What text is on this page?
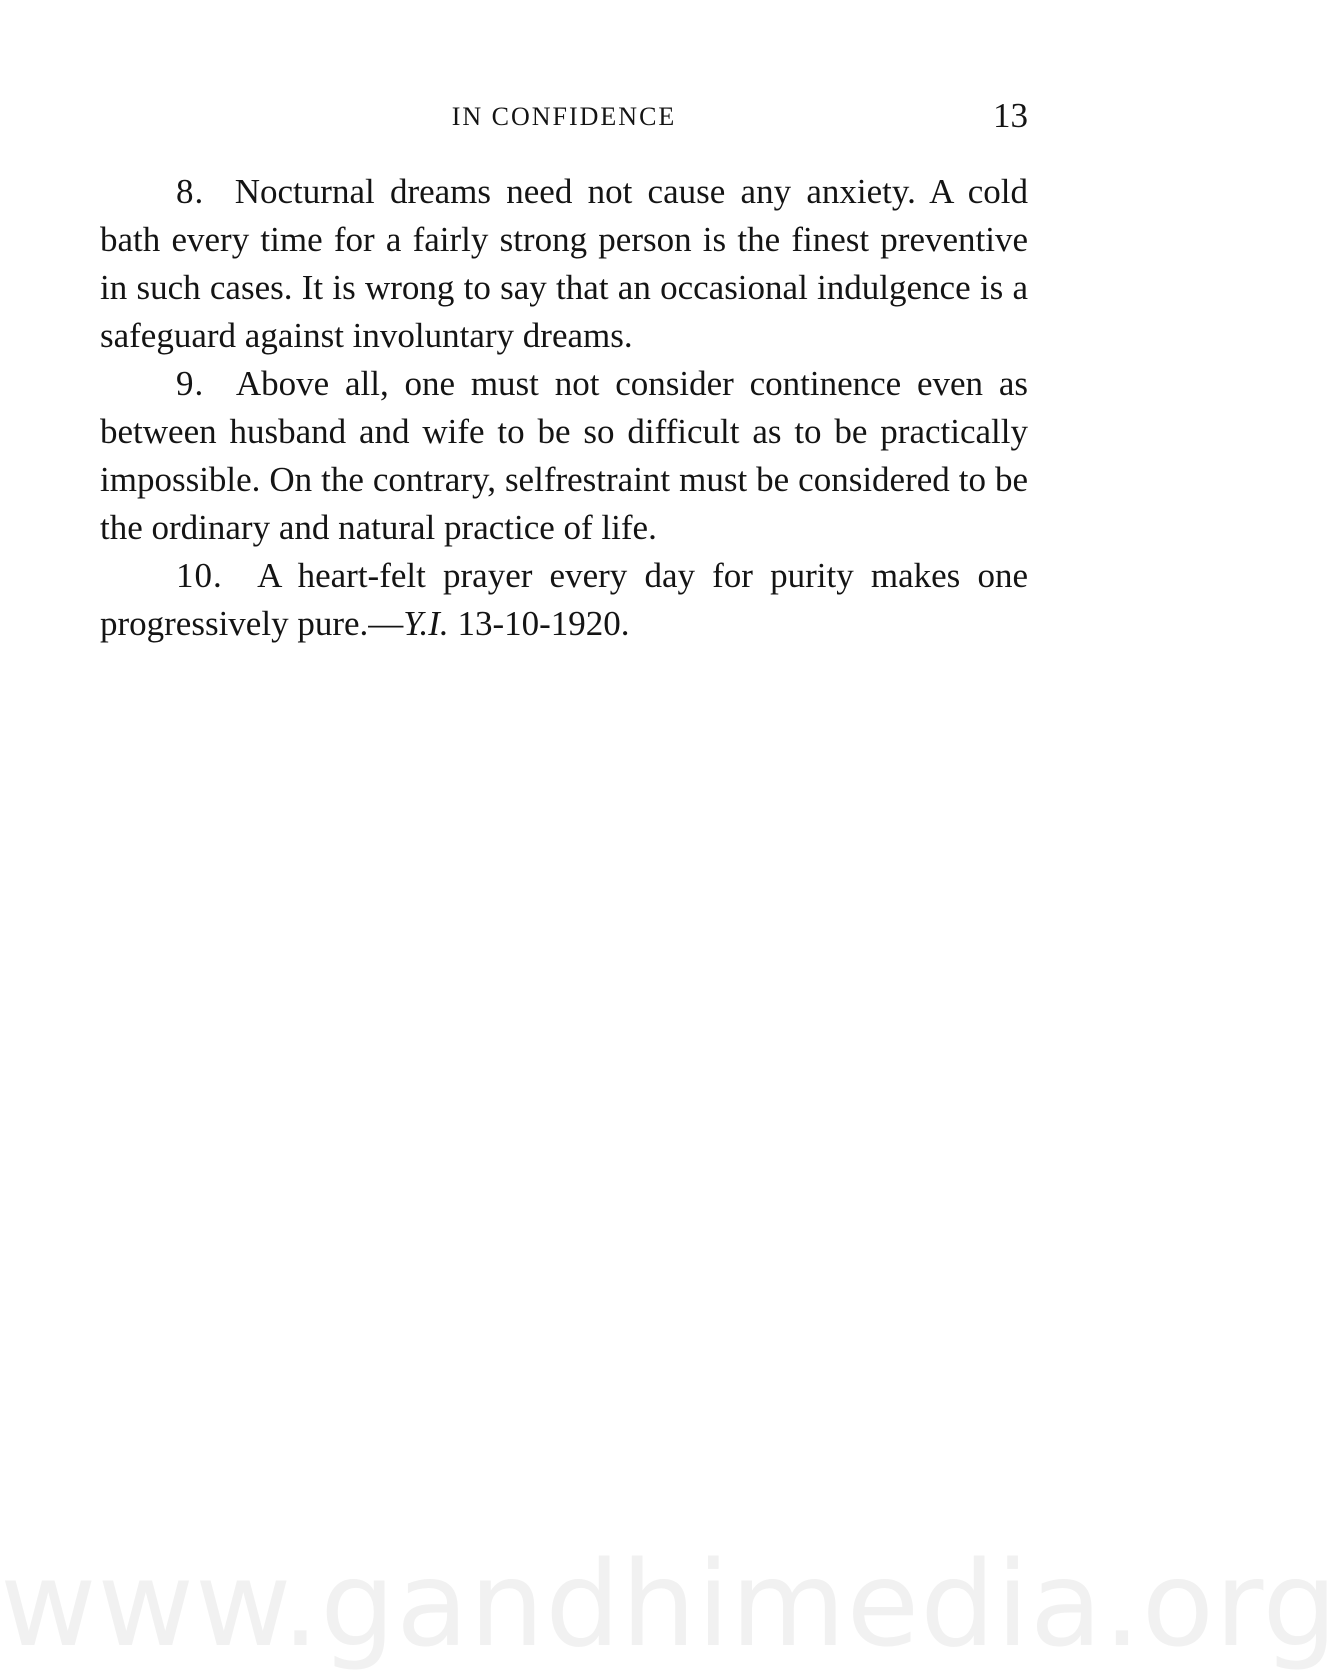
IN CONFIDENCE	13

8. Nocturnal dreams need not cause any anxiety. A cold bath every time for a fairly strong person is the finest preventive in such cases. It is wrong to say that an occasional indulgence is a safeguard against involuntary dreams.

9. Above all, one must not consider continence even as between husband and wife to be so difficult as to be practically impossible. On the contrary, selfrestraint must be considered to be the ordinary and natural practice of life.

10. A heart-felt prayer every day for purity makes one progressively pure.—Y.I. 13-10-1920.

www.gandhimedia.org
